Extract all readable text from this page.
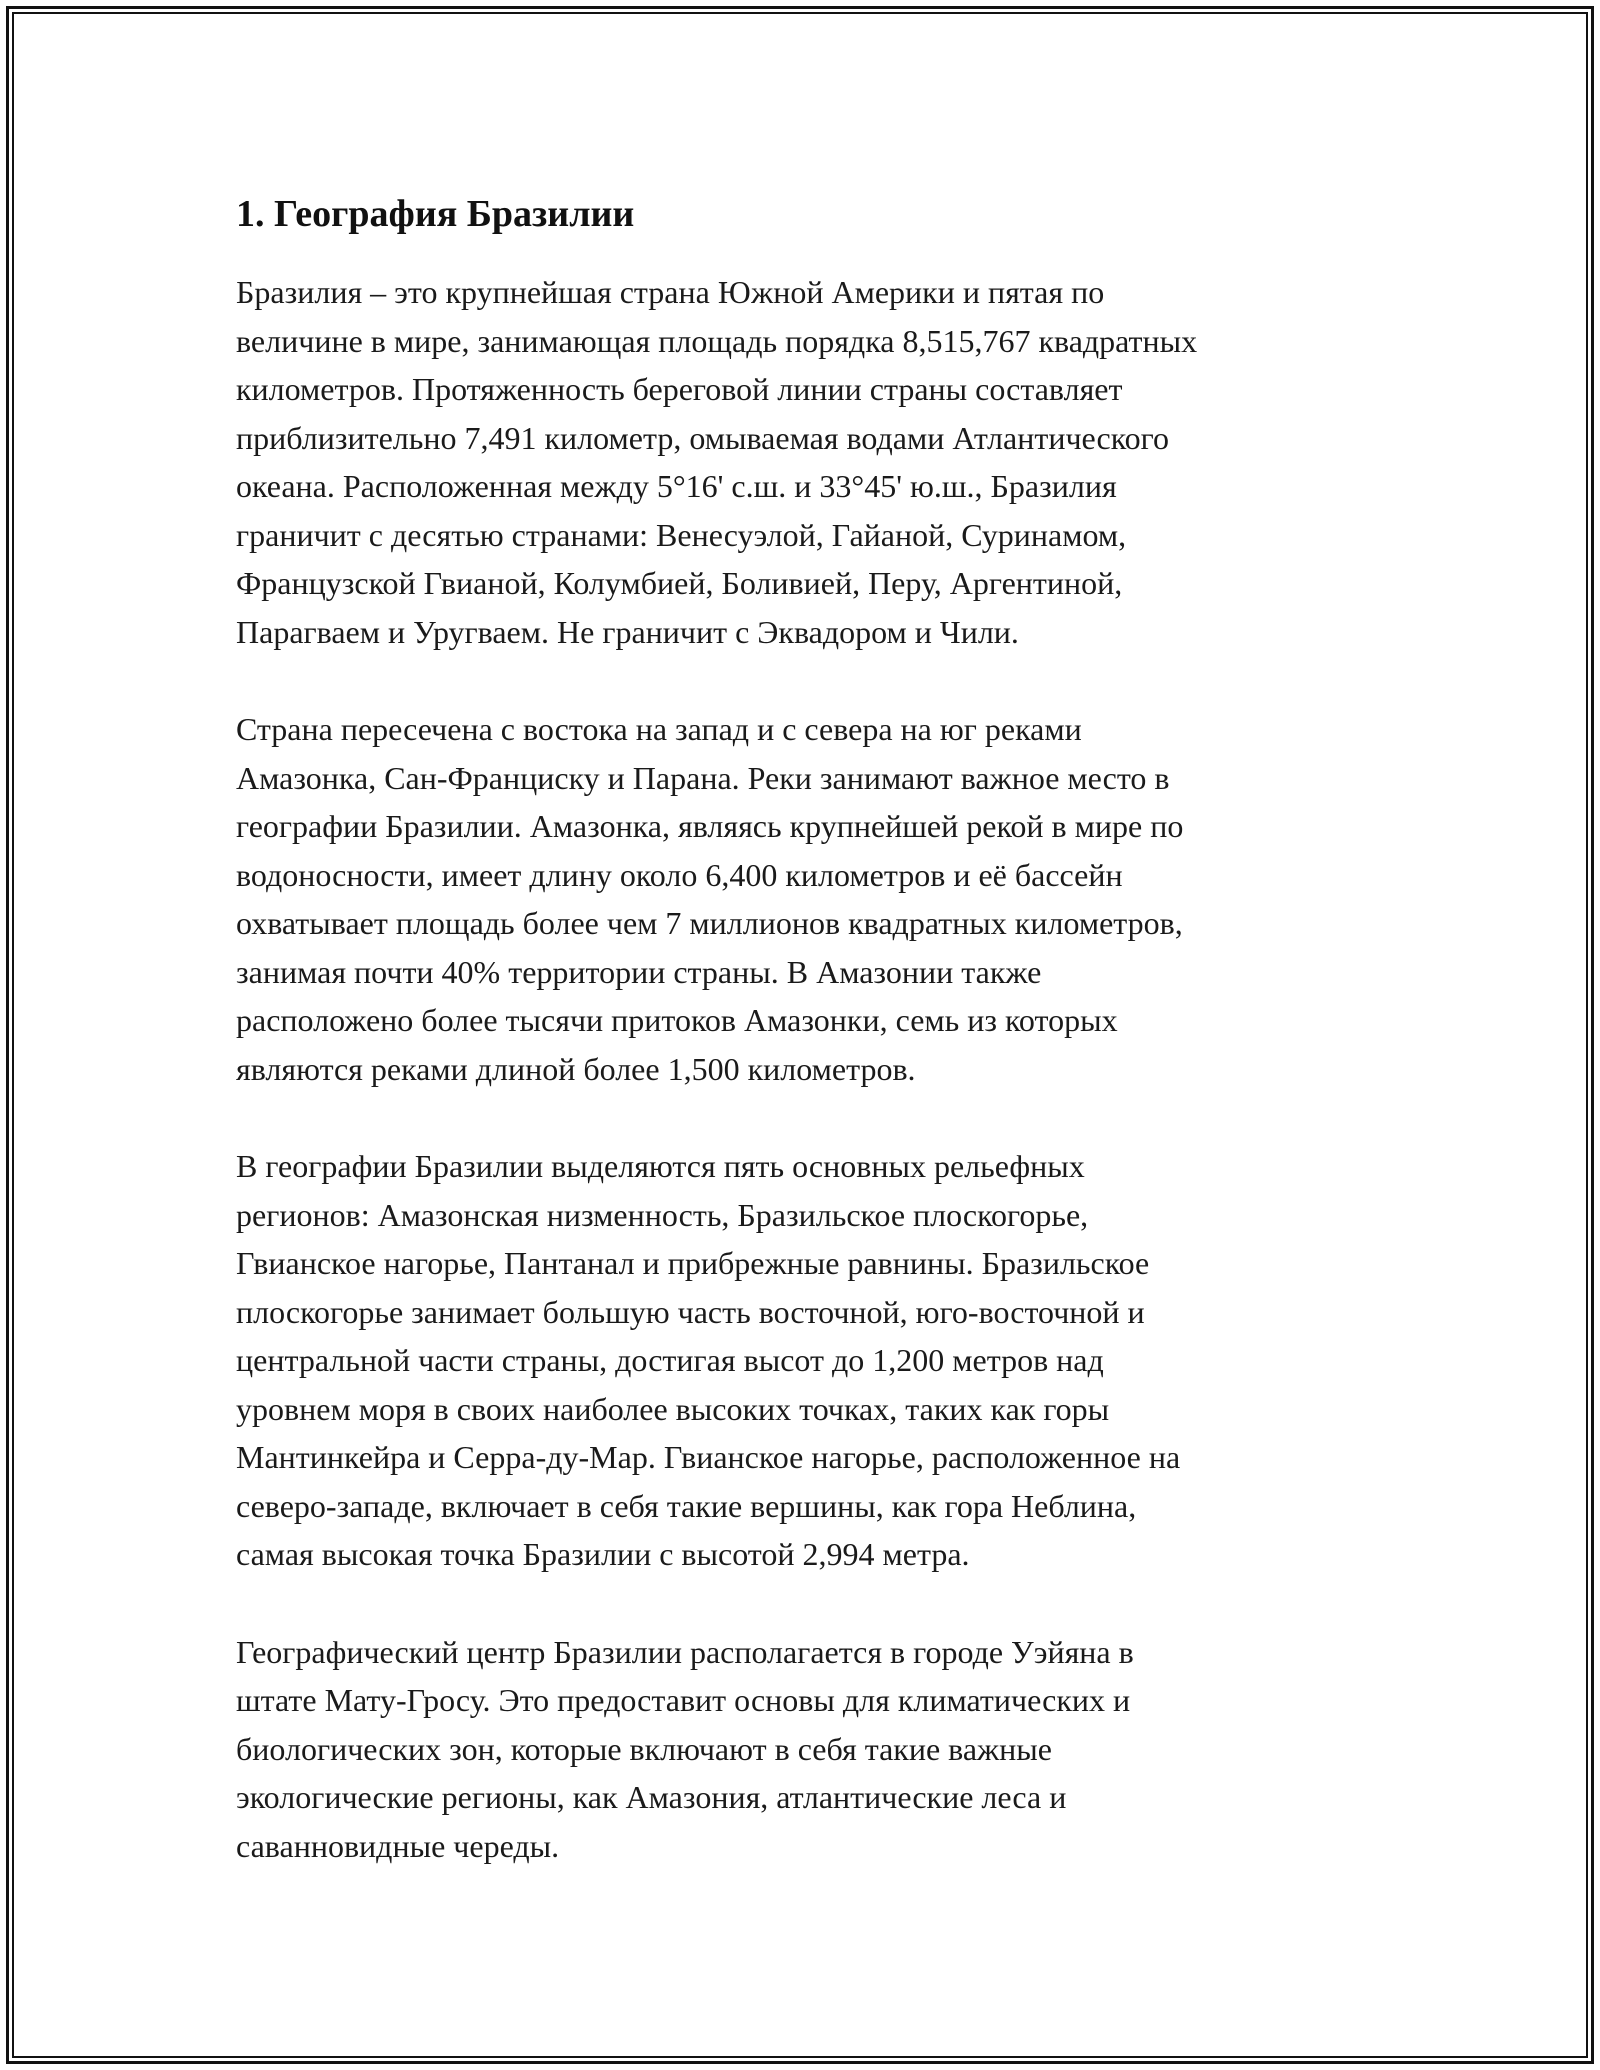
1. География Бразилии

Бразилия – это крупнейшая страна Южной Америки и пятая по
величине в мире, занимающая площадь порядка 8,515,767 квадратных
километров. Протяженность береговой линии страны составляет
приблизительно 7,491 километр, омываемая водами Атлантического
океана. Расположенная между 5°16' с.ш. и 33°45' ю.ш., Бразилия
граничит с десятью странами: Венесуэлой, Гайаной, Суринамом,
Французской Гвианой, Колумбией, Боливией, Перу, Аргентиной,
Парагваем и Уругваем. Не граничит с Эквадором и Чили.

Страна пересечена с востока на запад и с севера на юг реками
Амазонка, Сан-Франциску и Парана. Реки занимают важное место в
географии Бразилии. Амазонка, являясь крупнейшей рекой в мире по
водоносности, имеет длину около 6,400 километров и её бассейн
охватывает площадь более чем 7 миллионов квадратных километров,
занимая почти 40% территории страны. В Амазонии также
расположено более тысячи притоков Амазонки, семь из которых
являются реками длиной более 1,500 километров.

В географии Бразилии выделяются пять основных рельефных
регионов: Амазонская низменность, Бразильское плоскогорье,
Гвианское нагорье, Пантанал и прибрежные равнины. Бразильское
плоскогорье занимает большую часть восточной, юго-восточной и
центральной части страны, достигая высот до 1,200 метров над
уровнем моря в своих наиболее высоких точках, таких как горы
Мантинкейра и Серра-ду-Мар. Гвианское нагорье, расположенное на
северо-западе, включает в себя такие вершины, как гора Неблина,
самая высокая точка Бразилии с высотой 2,994 метра.

Географический центр Бразилии располагается в городе Уэйяна в
штате Мату-Гросу. Это предоставит основы для климатических и
биологических зон, которые включают в себя такие важные
экологические регионы, как Амазония, атлантические леса и
саванновидные череды.
